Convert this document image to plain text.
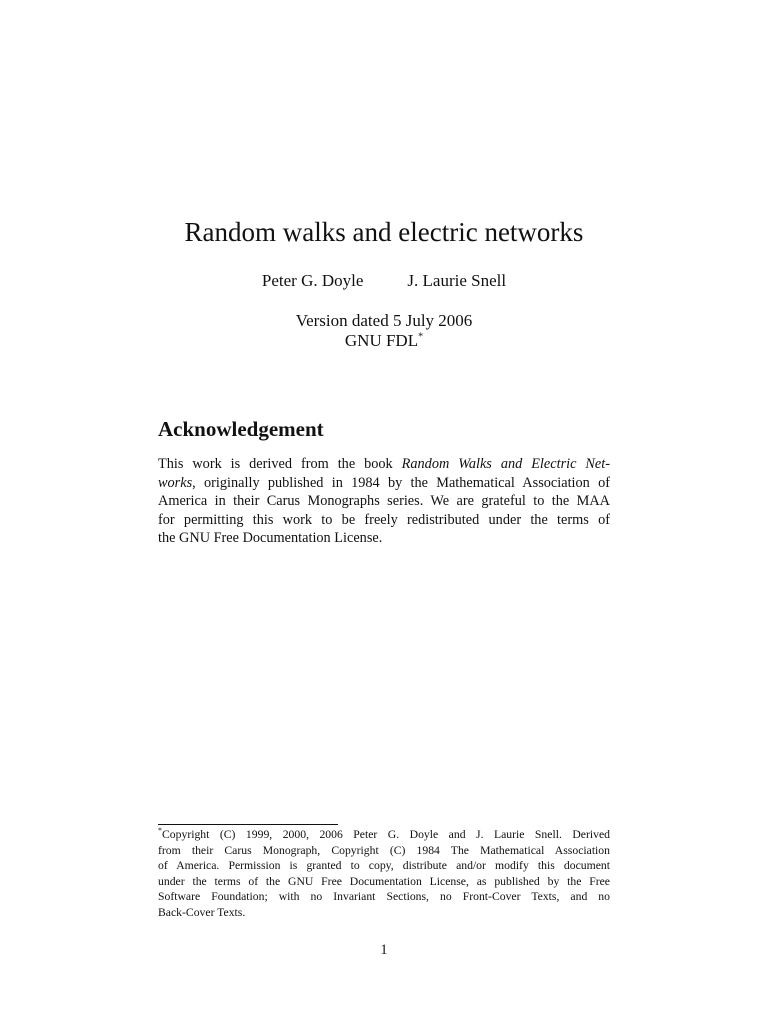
Random walks and electric networks
Peter G. Doyle	J. Laurie Snell
Version dated 5 July 2006
GNU FDL*
Acknowledgement
This work is derived from the book Random Walks and Electric Net-
works, originally published in 1984 by the Mathematical Association of
America in their Carus Monographs series. We are grateful to the MAA
for permitting this work to be freely redistributed under the terms of
the GNU Free Documentation License.
*Copyright (C) 1999, 2000, 2006 Peter G. Doyle and J. Laurie Snell. Derived
from their Carus Monograph, Copyright (C) 1984 The Mathematical Association
of America. Permission is granted to copy, distribute and/or modify this document
under the terms of the GNU Free Documentation License, as published by the Free
Software Foundation; with no Invariant Sections, no Front-Cover Texts, and no
Back-Cover Texts.
1
